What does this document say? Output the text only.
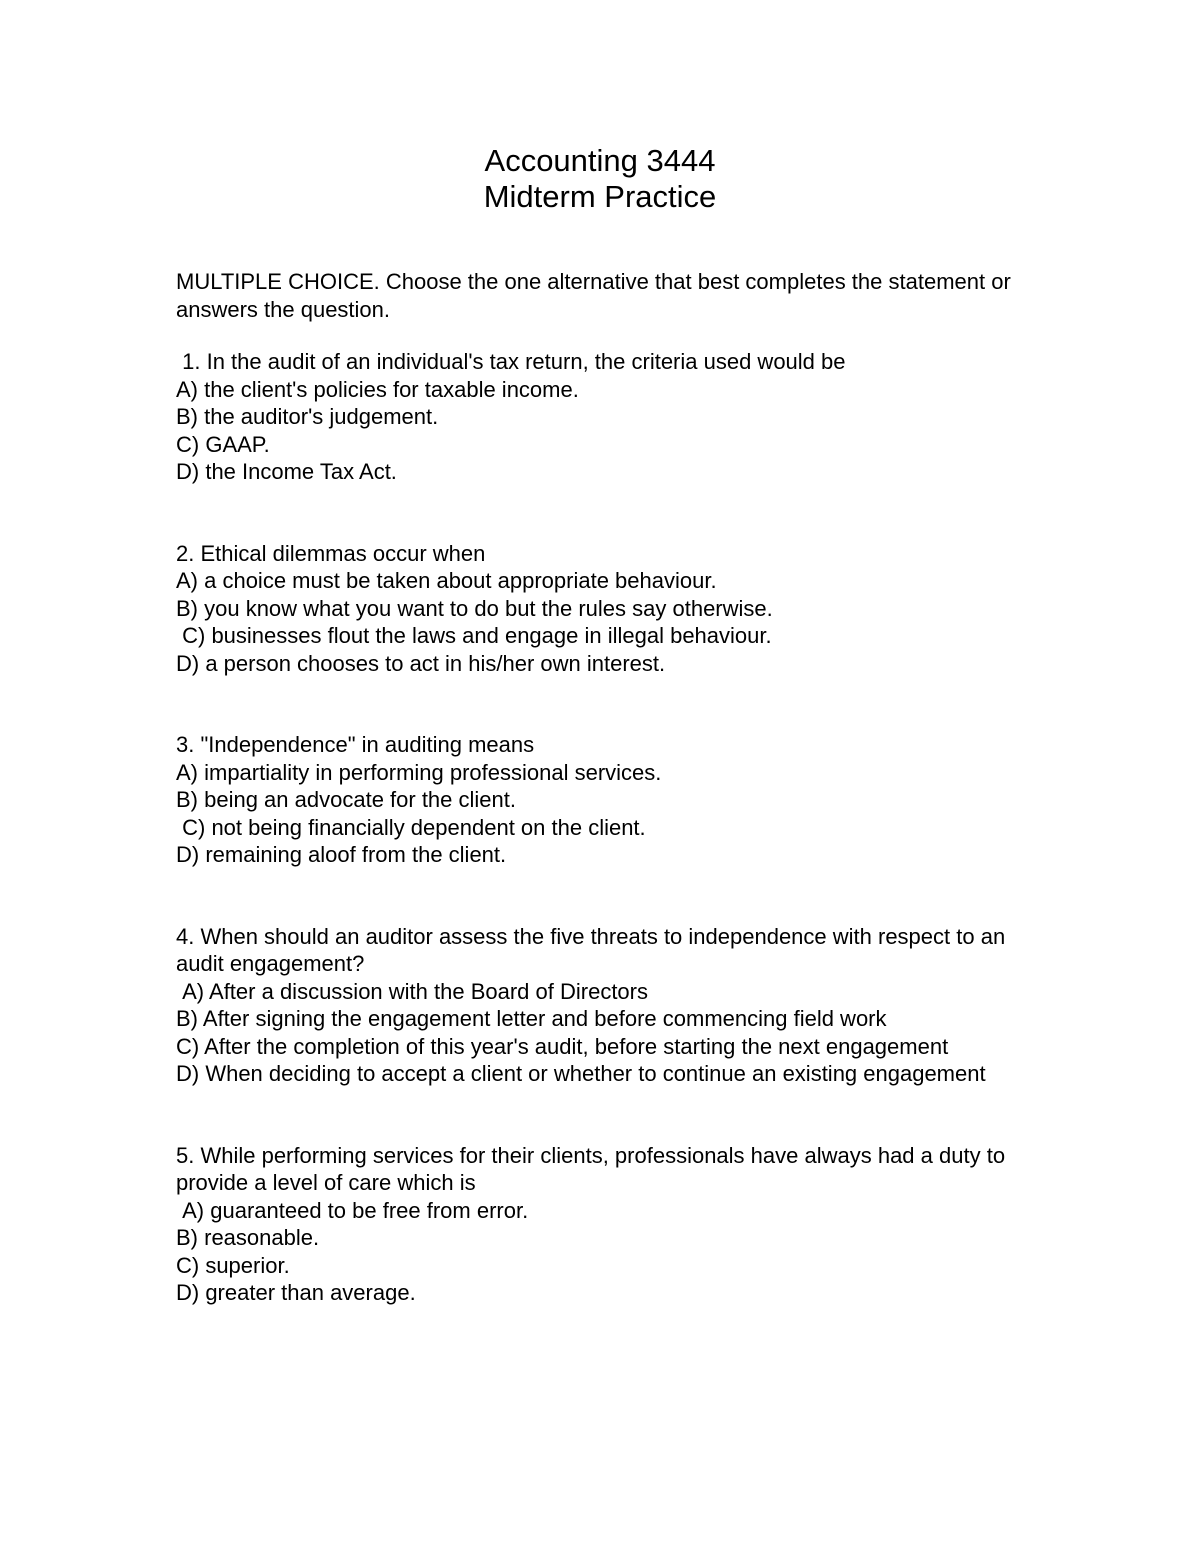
Accounting 3444
Midterm Practice

MULTIPLE CHOICE. Choose the one alternative that best completes the statement or answers the question.

1. In the audit of an individual's tax return, the criteria used would be
A) the client's policies for taxable income.
B) the auditor's judgement.
C) GAAP.
D) the Income Tax Act.
2. Ethical dilemmas occur when
A) a choice must be taken about appropriate behaviour.
B) you know what you want to do but the rules say otherwise.
C) businesses flout the laws and engage in illegal behaviour.
D) a person chooses to act in his/her own interest.
3. "Independence" in auditing means
A) impartiality in performing professional services.
B) being an advocate for the client.
C) not being financially dependent on the client.
D) remaining aloof from the client.
4. When should an auditor assess the five threats to independence with respect to an audit engagement?
A) After a discussion with the Board of Directors
B) After signing the engagement letter and before commencing field work
C) After the completion of this year's audit, before starting the next engagement
D) When deciding to accept a client or whether to continue an existing engagement
5. While performing services for their clients, professionals have always had a duty to provide a level of care which is
A) guaranteed to be free from error.
B) reasonable.
C) superior.
D) greater than average.
